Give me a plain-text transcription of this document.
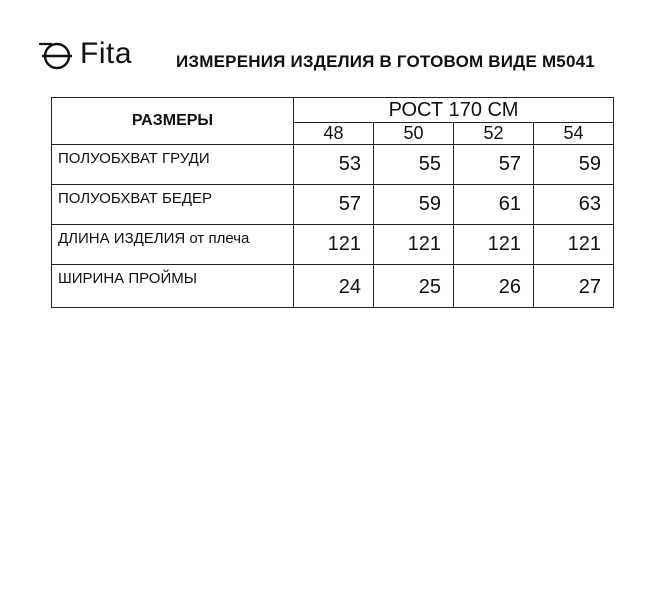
Fita	ИЗМЕРЕНИЯ ИЗДЕЛИЯ В ГОТОВОМ ВИДЕ М5041
РАЗМЕРЫ	РОСТ 170 СМ			
	48	50	52	54
ПОЛУОБХВАТ ГРУДИ	53	55	57	59
ПОЛУОБХВАТ БЕДЕР	57	59	61	63
ДЛИНА ИЗДЕЛИЯ от плеча	121	121	121	121
ШИРИНА ПРОЙМЫ	24	25	26	27
